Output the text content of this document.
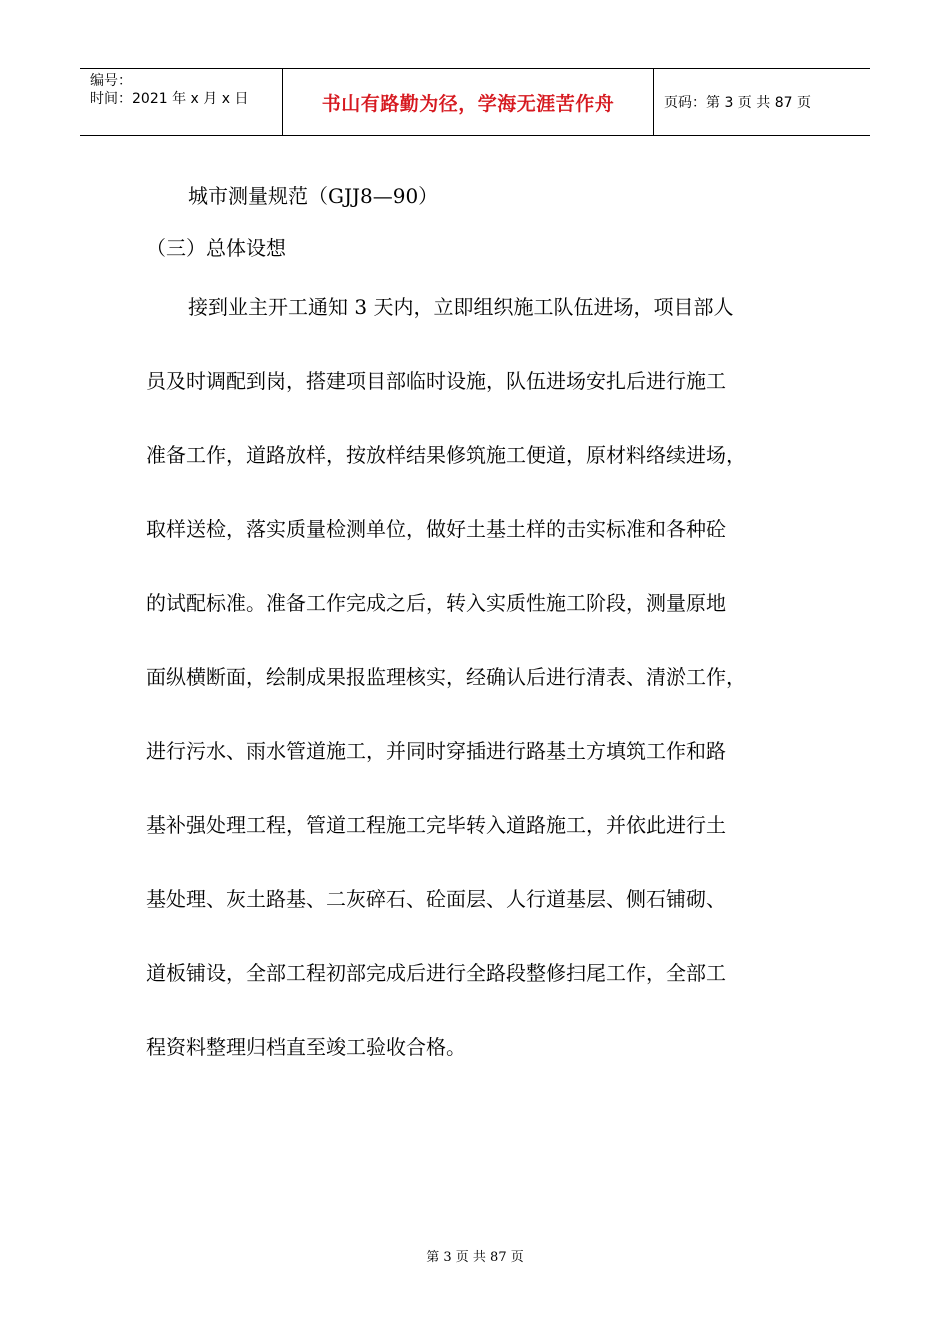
编号：
时间：2021 年 x 月 x 日	书山有路勤为径，学海无涯苦作舟	页码：第 3 页 共 87 页
城市测量规范（GJJ8—90）
（三）总体设想
接到业主开工通知 3 天内，立即组织施工队伍进场，项目部人
员及时调配到岗，搭建项目部临时设施，队伍进场安扎后进行施工
准备工作，道路放样，按放样结果修筑施工便道，原材料络续进场，
取样送检，落实质量检测单位，做好土基土样的击实标准和各种砼
的试配标准。准备工作完成之后，转入实质性施工阶段，测量原地
面纵横断面，绘制成果报监理核实，经确认后进行清表、清淤工作，
进行污水、雨水管道施工，并同时穿插进行路基土方填筑工作和路
基补强处理工程，管道工程施工完毕转入道路施工，并依此进行土
基处理、灰土路基、二灰碎石、砼面层、人行道基层、侧石铺砌、
道板铺设，全部工程初部完成后进行全路段整修扫尾工作，全部工
程资料整理归档直至竣工验收合格。
第 3 页 共 87 页
